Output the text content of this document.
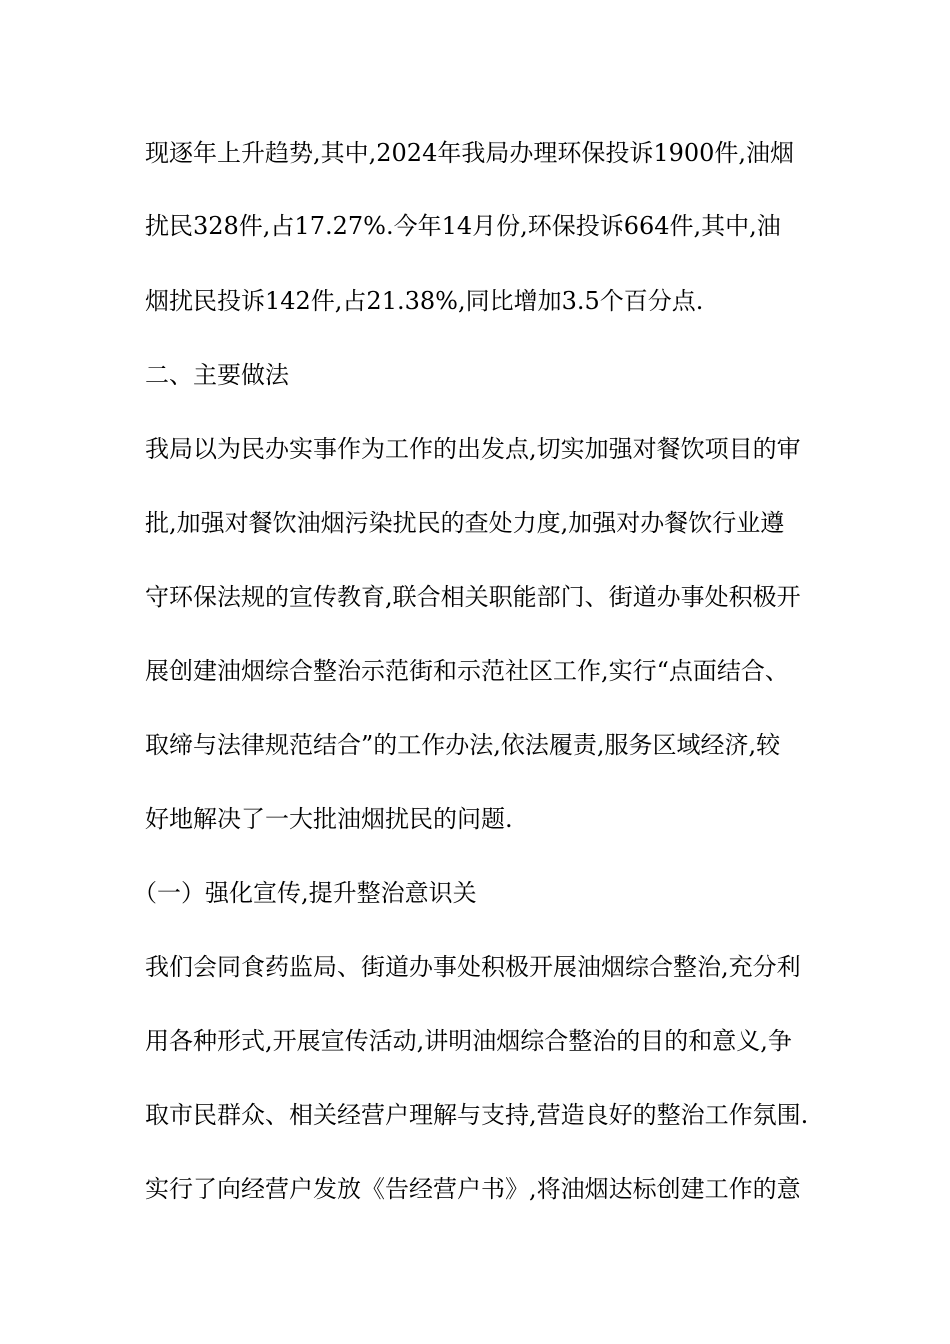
现逐年上升趋势,其中,2024年我局办理环保投诉1900件,油烟
扰民328件,占17.27%.今年14月份,环保投诉664件,其中,油
烟扰民投诉142件,占21.38%,同比增加3.5个百分点.
二、主要做法
我局以为民办实事作为工作的出发点,切实加强对餐饮项目的审
批,加强对餐饮油烟污染扰民的查处力度,加强对办餐饮行业遵
守环保法规的宣传教育,联合相关职能部门、街道办事处积极开
展创建油烟综合整治示范街和示范社区工作,实行“点面结合、
取缔与法律规范结合”的工作办法,依法履责,服务区域经济,较
好地解决了一大批油烟扰民的问题.
（一）强化宣传,提升整治意识关
我们会同食药监局、街道办事处积极开展油烟综合整治,充分利
用各种形式,开展宣传活动,讲明油烟综合整治的目的和意义,争
取市民群众、相关经营户理解与支持,营造良好的整治工作氛围.
实行了向经营户发放《告经营户书》,将油烟达标创建工作的意
